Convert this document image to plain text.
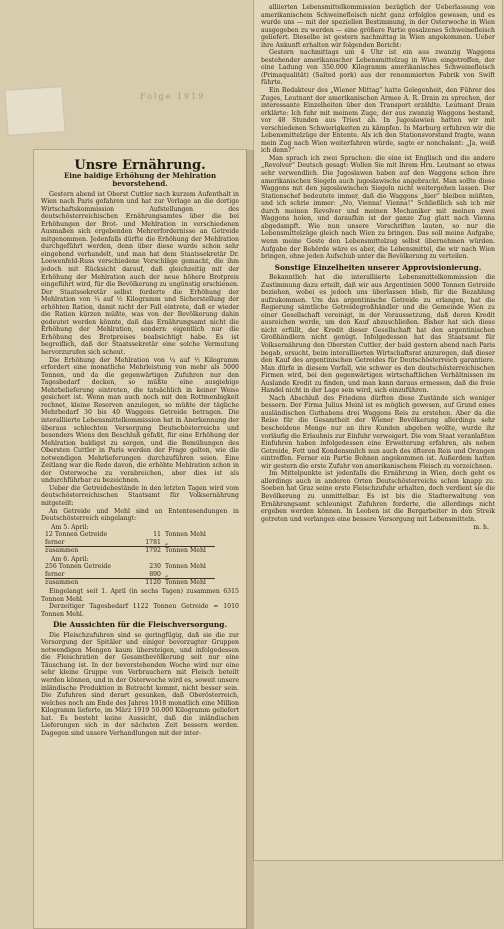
Folge 1919
Unsre Ernährung.
Eine baldige Erhöhung der Mehlration bevorstehend.

Gestern abend ist Oberst Cuttler nach kurzem Aufenthalt in Wien nach Paris gefahren und hat zur Vorlage an die dortige Wirtschaftskommission Aufstellungen des deutschösterreichischen Ernährungsamtes über die bei Erhöhungen der Brot- und Mehlration in verschiedenen Ausmaßen sich ergebenden Mehrerfordernisse an Getreide mitgenommen. Jedenfalls dürfte die Erhöhung der Mehlration durchgeführt werden, denn über diese wurde schon sehr eingehend verhandelt, und man hat dem Staatssekretär Dr. Loewenfeld-Russ verschiedene Vorschläge gemacht, die ihm jedoch mit Rücksicht darauf, daß gleichzeitig mit der Erhöhung der Mehlration auch der neue höhere Brotpreis eingeführt wird, für die Bevölkerung zu ungünstig erschienen. Der Staatssekretär selbst forderte die Erhöhung der Mehlration von ¼ auf ½ Kilogramm und Sicherstellung der erhöhten Ration, damit nicht der Fall eintrete, daß er wieder die Ration kürzen müßte, was von der Bevölkerung dahin gedeutet werden könnte, daß das Ernährungsamt nicht die Erhöhung der Mehlration, sondern eigentlich nur die Erhöhung des Brotpreises beabsichtigt habe. Es ist begreiflich, daß der Staatssekretär eine solche Vermutung hervorzurufen sich scheut.

Die Erhöhung der Mehlration von ¼ auf ½ Kilogramm erfordert eine monatliche Mehrleistung von mehr als 5000 Tonnen, und da die gegenwärtigen Zufuhren nur den Tagesbedarf decken, so müßte eine ausgiebige Mehrbelieferung eintreten, die tatsächlich in keiner Weise gesichert ist. Wenn man auch noch mit den Rottmenbigkeit rechnet, kleine Reserven anzulegen, so müßte der tägliche Mehrbedarf 30 bis 40 Waggons Getreide betragen. Die interalliierte Lebensmittelkommission hat in Anerkennung der überaus schlechten Versorgung Deutschösterreichs und besonders Wiens den Beschluß gefaßt, für eine Erhöhung der Mehlration baldigst zu sorgen, und die Bemühungen des Obersten Cuttler in Paris werden der Frage gelten, wie die notwendigen Mehrlieferungen durchzuführen seien. Eine Zeitlang war die Rede davon, die erhöhte Mehlration schon in der Osterwoche zu verabreichen, aber dies ist als undurchführbar zu bezeichnen.

Ueber die Getreidebestände in den letzten Tagen wird vom deutschösterreichischen Staatsamt für Volksernährung mitgeteilt:

An Getreide und Mehl sind an Ententesendungen in Deutschösterreich eingelangt:

Am 5. April:
12 Tonnen Getreide	11 Tonnen Mehl
ferner	1781 „
zusammen	1792 Tonnen Mehl
Am 6. April:
256 Tonnen Getreide	230 Tonnen Mehl
ferner	890 „
zusammen	1120 Tonnen Mehl

Eingelangt seit 1. April (in sechs Tagen) zusammen 6315 Tonnen Mehl.

Derzeitiger Tagesbedarf 1122 Tonnen Getreide = 1010 Tonnen Mehl.

Die Aussichten für die Fleischversorgung.

Die Fleischzufuhren sind so geringfügig, daß sie die zur Versorgung der Spitäler und einiger bevorzugter Gruppen notwendigen Mengen kaum übersteigen, und infolgedessen die Fleischration der Gesamtbevölkerung seit nur eine Täuschung ist. In der bevorstehenden Woche wird nur eine sehr kleine Gruppe von Verbrauchern mit Fleisch beteilt werden können, und in der Osterwoche wird es, soweit unsere inländische Produktion in Betracht kommt, nicht besser sein. Die Zufuhren sind derart gesunken, daß Oberösterreich, welches noch am Ende des Jahres 1918 monatlich eine Million Kilogramm lieferte, im März 1919 50.000 Kilogramm geliefert hat. Es besteht keine Aussicht, daß die inländischen Lieferungen sich in der nächsten Zeit bessern werden. Dagegen sind unsere Verhandlungen mit der inter-

alliierten Lebensmittelkommission bezüglich der Ueberlassung von amerikanischem Schweinefleisch nicht ganz erfolglos gewesen, und es wurde uns — mit der speziellen Bestimmung, in der Osterwoche in Wien ausgegeben zu werden — eine größere Partie gesalzenes Schweinefleisch geliefert. Dieselbe ist gestern nachmittag in Wien angekommen. Ueber ihre Ankunft erhalten wir folgenden Bericht:

Gestern nachmittags um 4 Uhr ist ein aus zwanzig Waggons bestehender amerikanischer Lebensmittelzug in Wien eingetroffen, der eine Ladung von 350.000 Kilogramm amerikanisches Schweinefleisch (Primaqualität) (Salted pork) aus der renommierten Fabrik von Swift führte.

Ein Redakteur des „Wiener Mittag“ hatte Gelegenheit, den Führer des Zuges, Leutnant der amerikanischen Armee A. R. Drain zu sprechen, der interessante Einzelheiten über den Transport erzählte. Leutnant Drain erklärte: Ich fuhr mit meinem Zuge, der aus zwanzig Waggons bestand, vor 48 Stunden aus Triest ab. In Jugoslawien hatten wir mit verschiedenen Schwierigkeiten zu kämpfen. In Marburg erfuhren wir die Lebensmittelzüge der Entente. Als ich den Stationsvorstand fragte, wann mein Zug nach Wien weiterfahren würde, sagte er nonchalant: „Ja, weiß ich denn?“

Man sprach ich zwei Sprachen: die eine ist Englisch und die andere „Revolver“ Deutsch gesagt: Wollen Sie mit Ihrem Hrn. Leutnant so etwas sehr verwendlich. Die Jugoslawen haben auf den Waggons schon ihre amerikanischen Siegeln auch jugoslawische angebracht. Man sollte diese Waggons mit den jugoslawischen Siegeln nicht weitergehen lassen. Der Stationschef bedeutete immer, daß die Waggons „hier“ bleiben müßten, und ich schrie immer: „No, Vienna! Vienna!“ Schließlich sah ich mir durch meinen Revolver und meinen Mechaniker mit meinen zwei Waggons holen, und daraufhin ist der ganze Zug glatt nach Vienna abgedampft. Wie nun unsere Vorschriften lauten, so nur die Lebensmittelzüge gleich nach Wien zu bringen. Das soll meine Aufgabe, wenn meine Geste den Lebensmittelzug selbst übernehmen würden. Aufgabe der Behörde wäre es aber, die Lebensmittel, die wir nach Wien bringen, ohne jeden Aufschub unter die Bevölkerung zu verteilen.

Sonstige Einzelheiten unserer Approvisionierung.

Bekanntlich hat die interalliierte Lebensmittelkommission die Zustimmung dazu erteilt, daß wir aus Argentinien 5000 Tonnen Getreide beziehen, wobei es jedoch uns überlassen blieb, für die Bezahlung aufzukommen. Um das argentinische Getreide zu erlangen, hat die Regierung sämtliche Getreidegroßhändler und die Gemeinde Wien zu einer Gesellschaft vereinigt, in der Voraussetzung, daß deren Kredit ausreichen werde, um den Kauf abzuschließen. Bisher hat sich diese nicht erfüllt, der Kredit dieser Gesellschaft hat den argentinischen Großhändlern nicht genügt. Infolgedessen hat das Staatsamt für Volksernährung den Obersten Cuttler, der bald gestern abend nach Paris begab, ersucht, beim interalliierten Wirtschaftsrat anzuregen, daß dieser den Kauf des argentinischen Getreides für Deutschösterreich garantiere. Man dürfe in diesem Vorfall, wie schwer es den deutschösterreichischen Firmen wird, bei den gegenwärtigen wirtschaftlichen Verhältnissen im Auslande Kredit zu finden, und man kann daraus ermessen, daß die freie Handel nicht in der Lage sein wird, sich einzuführen.

Nach Abschluß des Friedens dürften diese Zustände sich weniger bessern. Der Firma Julius Meinl ist es möglich gewesen, auf Grund eines ausländischen Guthabens drei Waggons Reis zu erstehen. Aber da die Reise für die Gesamtheit der Wiener Bevölkerung allerdings sehr bescheidene Menge nur an ihre Kunden abgeben wollte, wurde ihr vorläufig die Erlaubnis zur Einfuhr verweigert. Die vom Staat veranlaßten Einfuhren haben infolgedessen eine Erweiterung erfahren, als neben Getreide, Fett und Kondensmilch nun auch des öfteren Reis und Orangen eintreffen. Ferner ein Partie Bohnen angekommen ist. Außerdem hatten wir gestern die erste Zufuhr von amerikanischem Fleisch zu verzeichnen.

Im Mittelpunkte ist jedenfalls die Ernährung in Wien, doch geht es allerdings auch in anderen Orten Deutschösterreichs schon knapp zu. Soeben hat Graz seine erste Fleischzufuhr erhalten, doch verdient sie die Bevölkerung zu unmittelbar. Es ist bis die Stadterwaltung von Ernährungsamt schleunigst Zufuhren forderte, die allerdings nicht ergeben werden können. In Leoben ist die Bergarbeiter in den Streik getreten und verlangen eine bessere Versorgung mit Lebensmitteln.

m. h.
